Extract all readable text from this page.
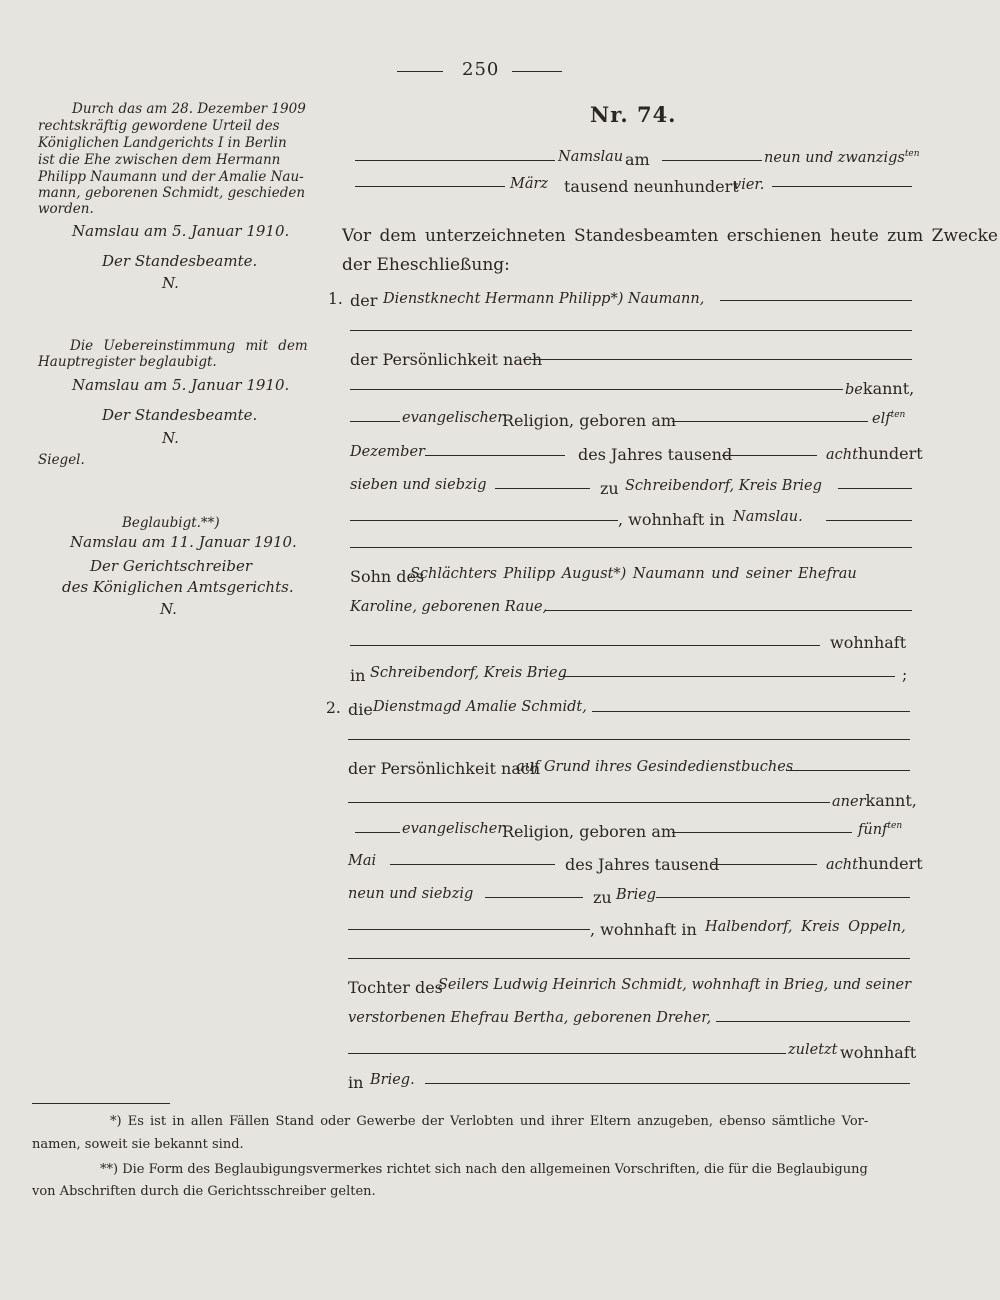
250
Durch das am 28. Dezember 1909
rechtskräftig gewordene Urteil des
Königlichen Landgerichts I in Berlin
ist die Ehe zwischen dem Hermann
Philipp Naumann und der Amalie Nau-
mann, geborenen Schmidt, geschieden
worden.
Namslau am 5. Januar 1910.
Der Standesbeamte.
N.
Die Uebereinstimmung mit dem
Hauptregister beglaubigt.
Namslau am 5. Januar 1910.
Der Standesbeamte.
N.
Siegel.
Beglaubigt.**)
Namslau am 11. Januar 1910.
Der Gerichtschreiber
des Königlichen Amtsgerichts.
N.
Nr. 74.
Namslau am	neun und zwanzigs$^{ten}$
März tausend neunhundert
vier.
Vor dem unterzeichneten Standesbeamten erschienen heute zum Zwecke
der Eheschließung:
1. der Dienstknecht Hermann Philipp*) Naumann,
der Persönlichkeit nach
bekannt,
evangelischer
Religion, geboren am	elf$^{ten}$
Dezember	des Jahres tausend	achthundert
sieben und siebzig	zu Schreibendorf, Kreis Brieg
, wohnhaft in Namslau.
Sohn des
Schlächters Philipp August*) Naumann und seiner Ehefrau
Karoline, geborenen Raue,
wohnhaft
in Schreibendorf, Kreis Brieg	;
2. die Dienstmagd Amalie Schmidt,
der Persönlichkeit nach
auf Grund ihres Gesindedienstbuches
anerkannt,
evangelischer
Religion, geboren am	fünf$^{ten}$
Mai	des Jahres tausend	achthundert
neun und siebzig	zu Brieg
, wohnhaft in Halbendorf, Kreis Oppeln,
Tochter des
Seilers Ludwig Heinrich Schmidt, wohnhaft in Brieg, und seiner
verstorbenen Ehefrau Bertha, geborenen Dreher,
zuletzt wohnhaft
in Brieg.
*) Es ist in allen Fällen Stand oder Gewerbe der Verlobten und ihrer Eltern anzugeben, ebenso sämtliche Vor-
namen, soweit sie bekannt sind.
**) Die Form des Beglaubigungsvermerkes richtet sich nach den allgemeinen Vorschriften, die für die Beglaubigung
von Abschriften durch die Gerichtsschreiber gelten.
